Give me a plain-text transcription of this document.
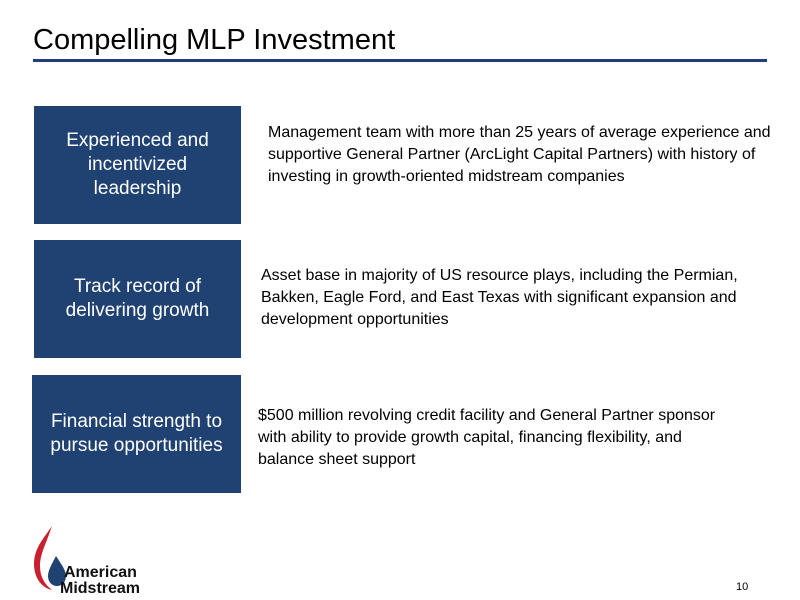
Compelling MLP Investment
Experienced and
incentivized
leadership
Management team with more than 25 years of average experience and supportive General Partner (ArcLight Capital Partners) with history of investing in growth-oriented midstream companies
Track record of
delivering growth
Asset base in majority of US resource plays, including the Permian, Bakken, Eagle Ford, and East Texas with significant expansion and development opportunities
Financial strength to
pursue opportunities
$500 million revolving credit facility and General Partner sponsor with ability to provide growth capital, financing flexibility, and balance sheet support
American
Midstream	10
